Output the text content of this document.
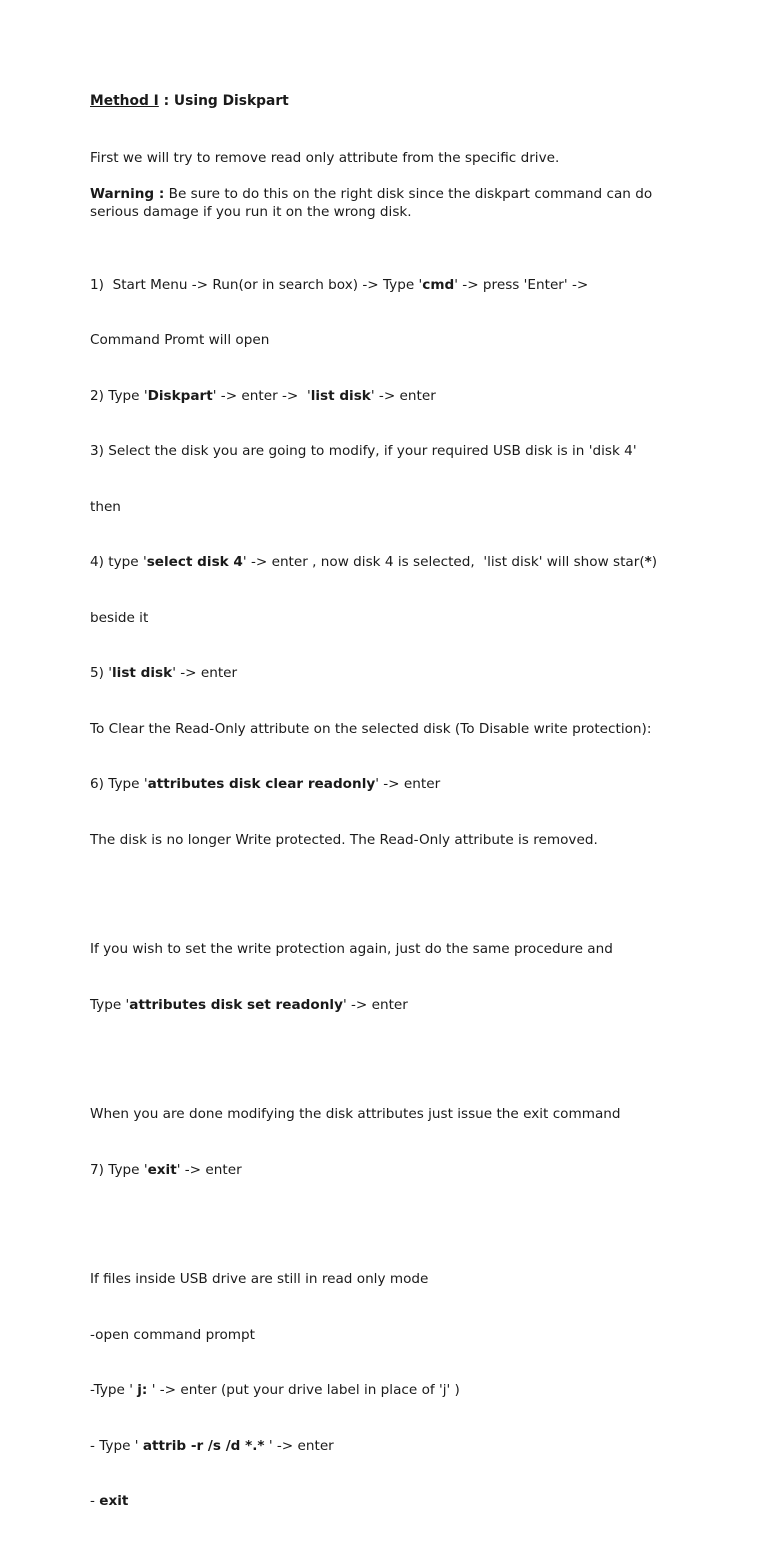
Method I : Using Diskpart

First we will try to remove read only attribute from the specific drive.

Warning : Be sure to do this on the right disk since the diskpart command can do
serious damage if you run it on the wrong disk.

1)  Start Menu -> Run(or in search box) -> Type 'cmd' -> press 'Enter' ->

Command Promt will open

2) Type 'Diskpart' -> enter ->  'list disk' -> enter

3) Select the disk you are going to modify, if your required USB disk is in 'disk 4'

then

4) type 'select disk 4' -> enter , now disk 4 is selected,  'list disk' will show star(*)

beside it

5) 'list disk' -> enter

To Clear the Read-Only attribute on the selected disk (To Disable write protection):

6) Type 'attributes disk clear readonly' -> enter

The disk is no longer Write protected. The Read-Only attribute is removed.

If you wish to set the write protection again, just do the same procedure and

Type 'attributes disk set readonly' -> enter

When you are done modifying the disk attributes just issue the exit command

7) Type 'exit' -> enter

If files inside USB drive are still in read only mode

-open command prompt

-Type ' j: ' -> enter (put your drive label in place of 'j' )

- Type ' attrib -r /s /d *.* ' -> enter

- exit
